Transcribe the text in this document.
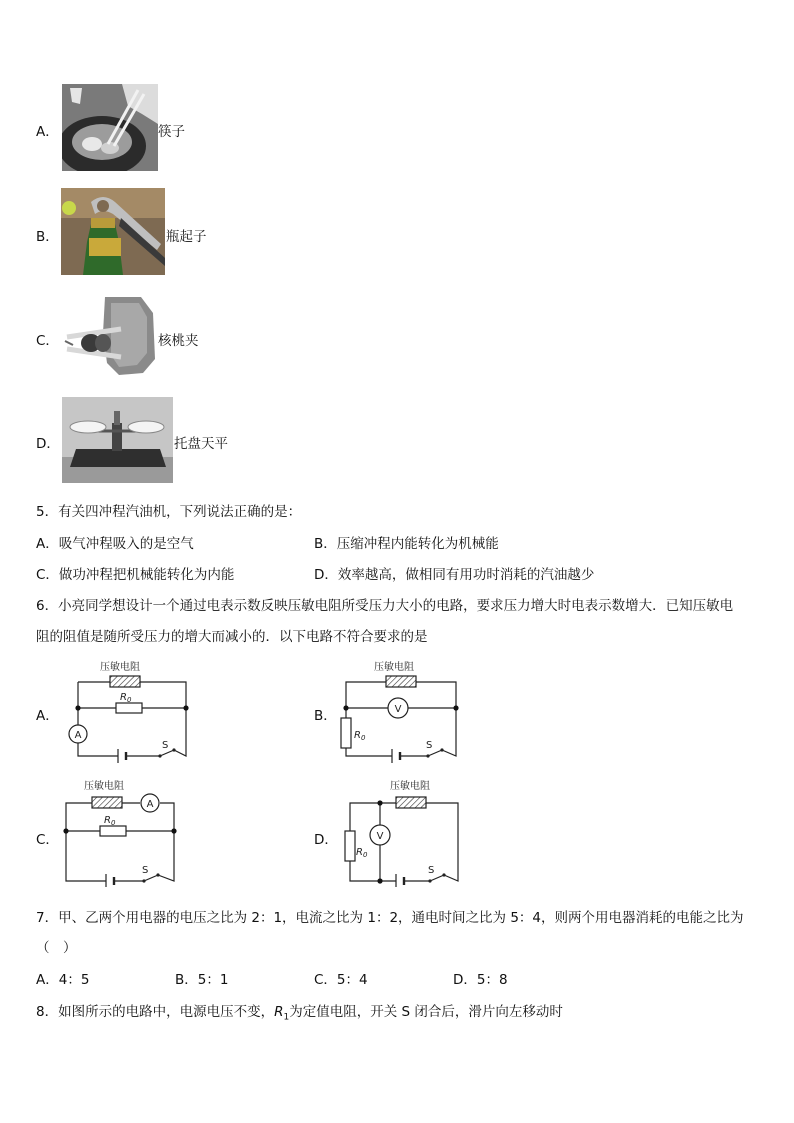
A．	筷子
B．	瓶起子
C．	核桃夹
D．	托盘天平
5．有关四冲程汽油机，下列说法正确的是：
A．吸气冲程吸入的是空气	B．压缩冲程内能转化为机械能
C．做功冲程把机械能转化为内能	D．效率越高，做相同有用功时消耗的汽油越少
6．小亮同学想设计一个通过电表示数反映压敏电阻所受压力大小的电路，要求压力增大时电表示数增大．已知压敏电
阻的阻值是随所受压力的增大而减小的．以下电路不符合要求的是
A．
A
压敏电阻
$R_0$
S
B．	V
压敏电阻
$R_0$
S
C．
A
压敏电阻
$R_0$
S
D．	V
压敏电阻
$R_0$
S
7．甲、乙两个用电器的电压之比为 2：1，电流之比为 1：2，通电时间之比为 5：4，则两个用电器消耗的电能之比为
（　）
A．4：5	B．5：1	C．5：4	D．5：8
8．如图所示的电路中，电源电压不变，$R_1$为定值电阻，开关 S 闭合后，滑片向左移动时
